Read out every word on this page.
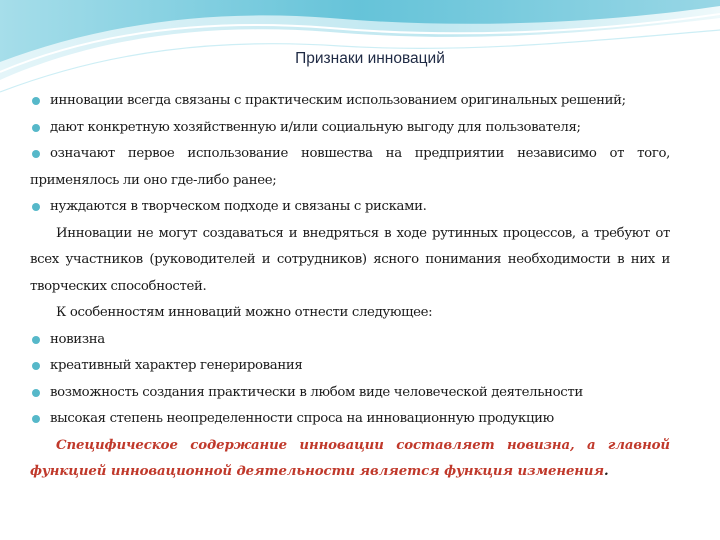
Признаки инноваций

инновации всегда связаны с практическим использованием оригинальных решений;

дают конкретную хозяйственную и/или социальную выгоду для пользователя;

означают первое использование новшества на предприятии независимо от того, применялось ли оно где-либо ранее;

нуждаются в творческом подходе и связаны с рисками.

Инновации не могут создаваться и внедряться в ходе рутинных процессов, а требуют от всех участников (руководителей и сотрудников) ясного понимания необходимости в них и творческих способностей.

К особенностям инноваций можно отнести следующее:

новизна

креативный характер генерирования

возможность создания практически в любом виде человеческой деятельности

высокая степень неопределенности спроса на инновационную продукцию

Специфическое содержание инновации составляет новизна, а главной функцией инновационной деятельности является функция изменения.
